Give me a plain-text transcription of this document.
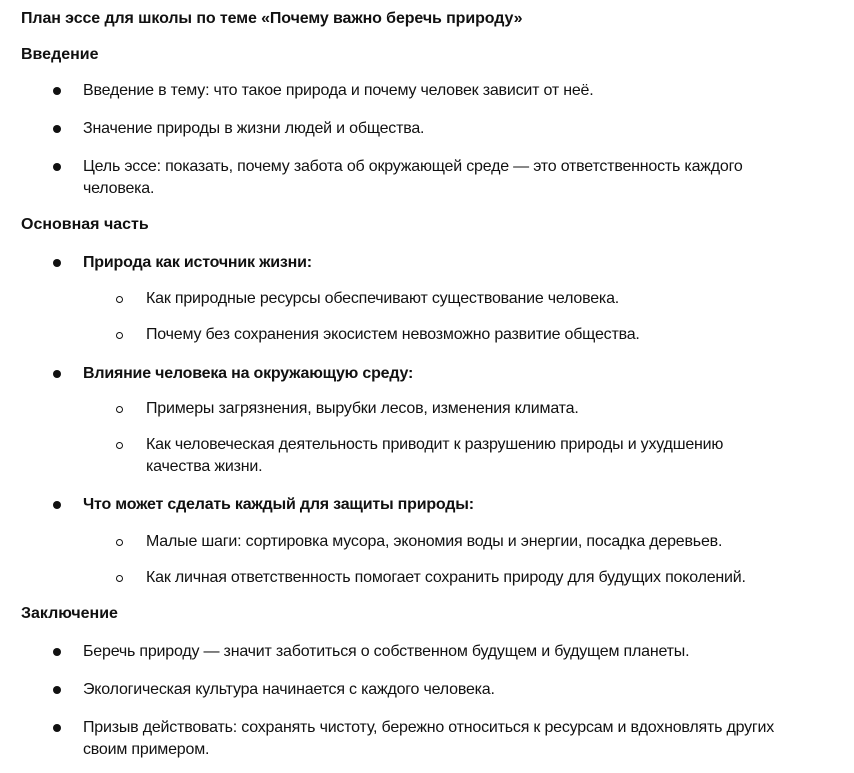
План эссе для школы по теме «Почему важно беречь природу»
Введение
Введение в тему: что такое природа и почему человек зависит от неё.
Значение природы в жизни людей и общества.
Цель эссе: показать, почему забота об окружающей среде — это ответственность каждого
человека.
Основная часть
Природа как источник жизни:
Как природные ресурсы обеспечивают существование человека.
Почему без сохранения экосистем невозможно развитие общества.
Влияние человека на окружающую среду:
Примеры загрязнения, вырубки лесов, изменения климата.
Как человеческая деятельность приводит к разрушению природы и ухудшению
качества жизни.
Что может сделать каждый для защиты природы:
Малые шаги: сортировка мусора, экономия воды и энергии, посадка деревьев.
Как личная ответственность помогает сохранить природу для будущих поколений.
Заключение
Беречь природу — значит заботиться о собственном будущем и будущем планеты.
Экологическая культура начинается с каждого человека.
Призыв действовать: сохранять чистоту, бережно относиться к ресурсам и вдохновлять других
своим примером.
